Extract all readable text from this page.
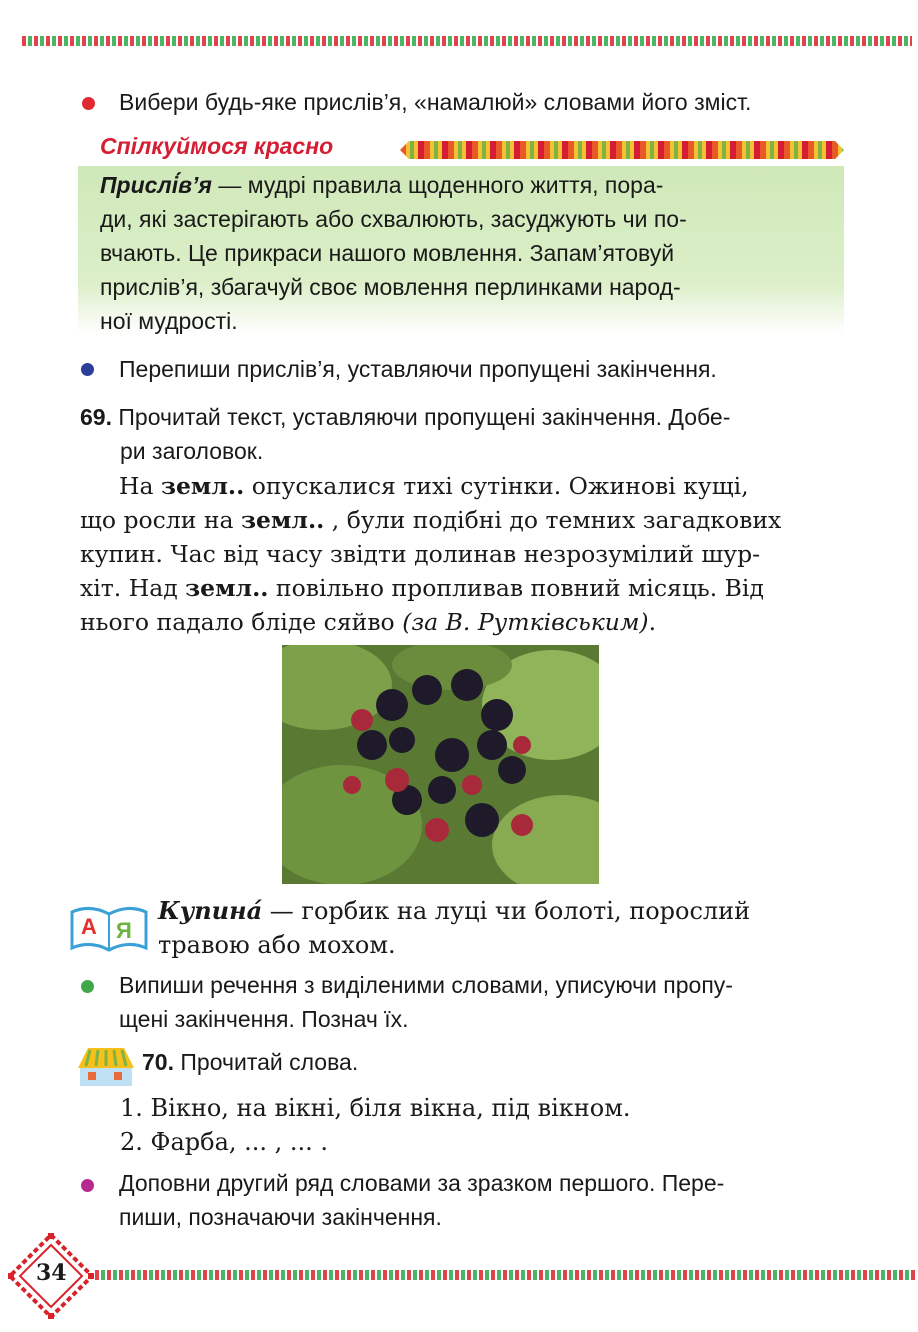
Вибери будь-яке прислів’я, «намалюй» словами його зміст.
Спілкуймося красно
Прислі́в’я — мудрі правила щоденного життя, пора-
ди, які застерігають або схвалюють, засуджують чи по-
вчають. Це прикраси нашого мовлення. Запам’ятовуй
прислів’я, збагачуй своє мовлення перлинками народ-
ної мудрості.
Перепиши прислів’я, уставляючи пропущені закінчення.
69. Прочитай текст, уставляючи пропущені закінчення. Добе-
ри заголовок.
На земл.. опускалися тихі сутінки. Ожинові кущі,
що росли на земл.. , були подібні до темних загадкових
купин. Час від часу звідти долинав незрозумілий шур-
хіт. Над земл.. повільно пропливав повний місяць. Від
нього падало бліде сяйво (за В. Рутківським).
А Я
Купина́ — горбик на луці чи болоті, порослий
травою або мохом.
Випиши речення з виділеними словами, уписуючи пропу-
щені закінчення. Познач їх.
70. Прочитай слова.
1. Вікно, на вікні, біля вікна, під вікном.
2. Фарба, ... , ... .
Доповни другий ряд словами за зразком першого. Пере-
пиши, позначаючи закінчення.
34
